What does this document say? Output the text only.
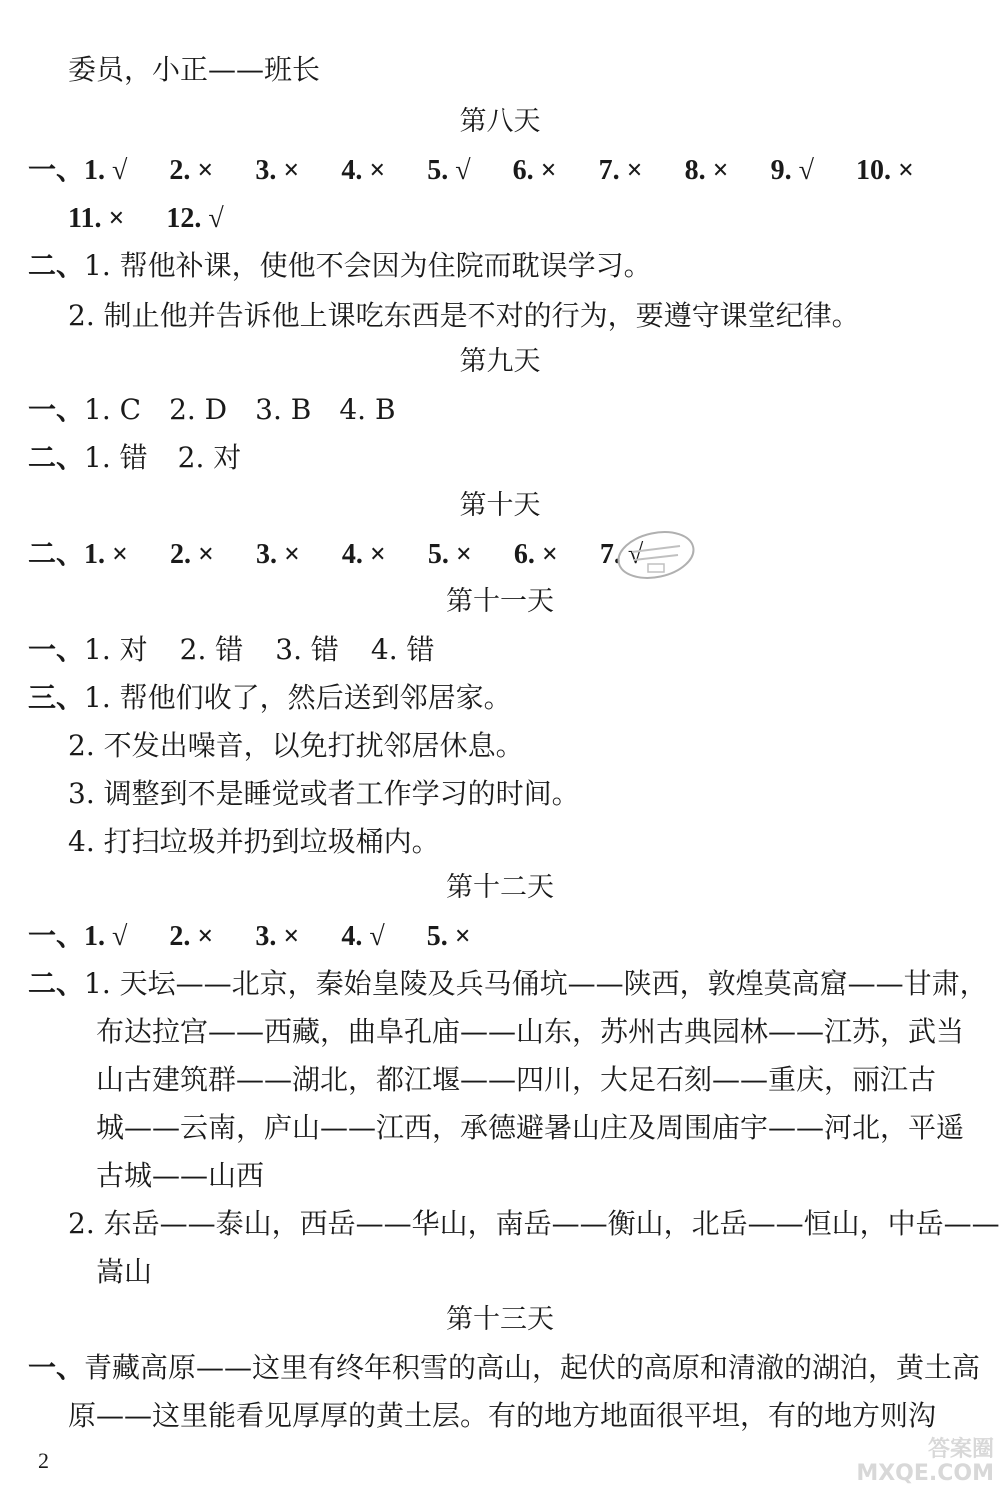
委员，小正——班长
第八天
一、1. √ 2. × 3. × 4. × 5. √ 6. × 7. × 8. × 9. √ 10. ×
11. × 12. √
二、1. 帮他补课，使他不会因为住院而耽误学习。
2. 制止他并告诉他上课吃东西是不对的行为，要遵守课堂纪律。
第九天
一、1. C 2. D 3. B 4. B
二、1. 错 2. 对
第十天
二、1. × 2. × 3. × 4. × 5. × 6. × 7. √
第十一天
一、1. 对 2. 错 3. 错 4. 错
三、1. 帮他们收了，然后送到邻居家。
2. 不发出噪音，以免打扰邻居休息。
3. 调整到不是睡觉或者工作学习的时间。
4. 打扫垃圾并扔到垃圾桶内。
第十二天
一、1. √ 2. × 3. × 4. √ 5. ×
二、1. 天坛——北京，秦始皇陵及兵马俑坑——陕西，敦煌莫高窟——甘肃，
布达拉宫——西藏，曲阜孔庙——山东，苏州古典园林——江苏，武当
山古建筑群——湖北，都江堰——四川，大足石刻——重庆，丽江古
城——云南，庐山——江西，承德避暑山庄及周围庙宇——河北，平遥
古城——山西
2. 东岳——泰山，西岳——华山，南岳——衡山，北岳——恒山，中岳——
嵩山
第十三天
一、青藏高原——这里有终年积雪的高山，起伏的高原和清澈的湖泊，黄土高
原——这里能看见厚厚的黄土层。有的地方地面很平坦，有的地方则沟
2	答案圈
MXQE.COM
